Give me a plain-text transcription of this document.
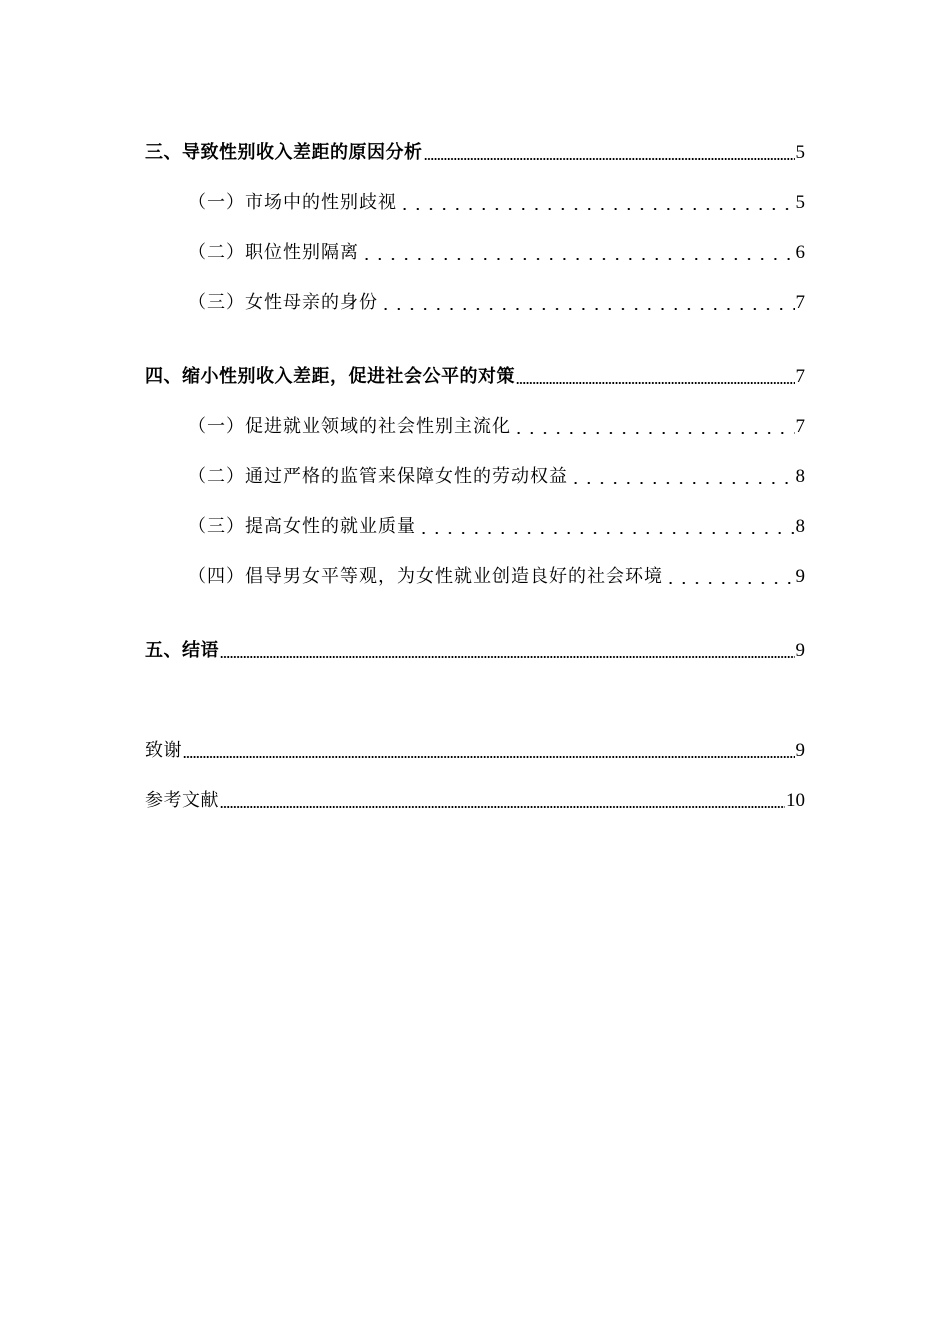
三、导致性别收入差距的原因分析	5
（一）市场中的性别歧视	5
（二）职位性别隔离	6
（三）女性母亲的身份	7
四、缩小性别收入差距，促进社会公平的对策	7
（一）促进就业领域的社会性别主流化	7
（二）通过严格的监管来保障女性的劳动权益	8
（三）提高女性的就业质量	8
（四）倡导男女平等观，为女性就业创造良好的社会环境	9
五、结语	9
致谢	9
参考文献	10
